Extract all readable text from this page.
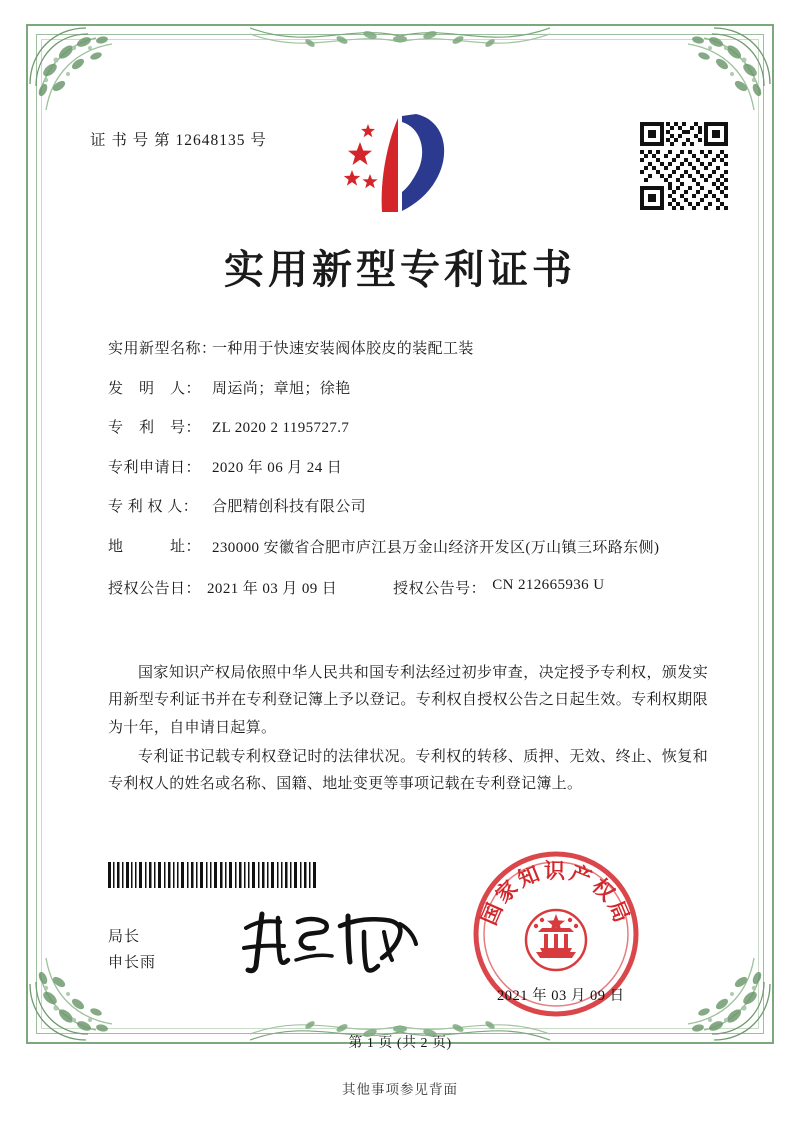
证 书 号 第 12648135 号
实用新型专利证书
实用新型名称：
一种用于快速安装阀体胶皮的装配工装
发　明　人： 周运尚；章旭；徐艳
专　利　号： ZL 2020 2 1195727.7
专利申请日： 2020 年 06 月 24 日
专 利 权 人： 合肥精创科技有限公司
地　　　址： 230000 安徽省合肥市庐江县万金山经济开发区(万山镇三环路东侧)
授权公告日： 2021 年 03 月 09 日	授权公告号： CN 212665936 U

国家知识产权局依照中华人民共和国专利法经过初步审查，决定授予专利权，颁发实用新型专利证书并在专利登记簿上予以登记。专利权自授权公告之日起生效。专利权期限为十年，自申请日起算。

专利证书记载专利权登记时的法律状况。专利权的转移、质押、无效、终止、恢复和专利权人的姓名或名称、国籍、地址变更等事项记载在专利登记簿上。

局长
申长雨
国家知识产权局
2021 年 03 月 09 日
第 1 页 (共 2 页)
其他事项参见背面
